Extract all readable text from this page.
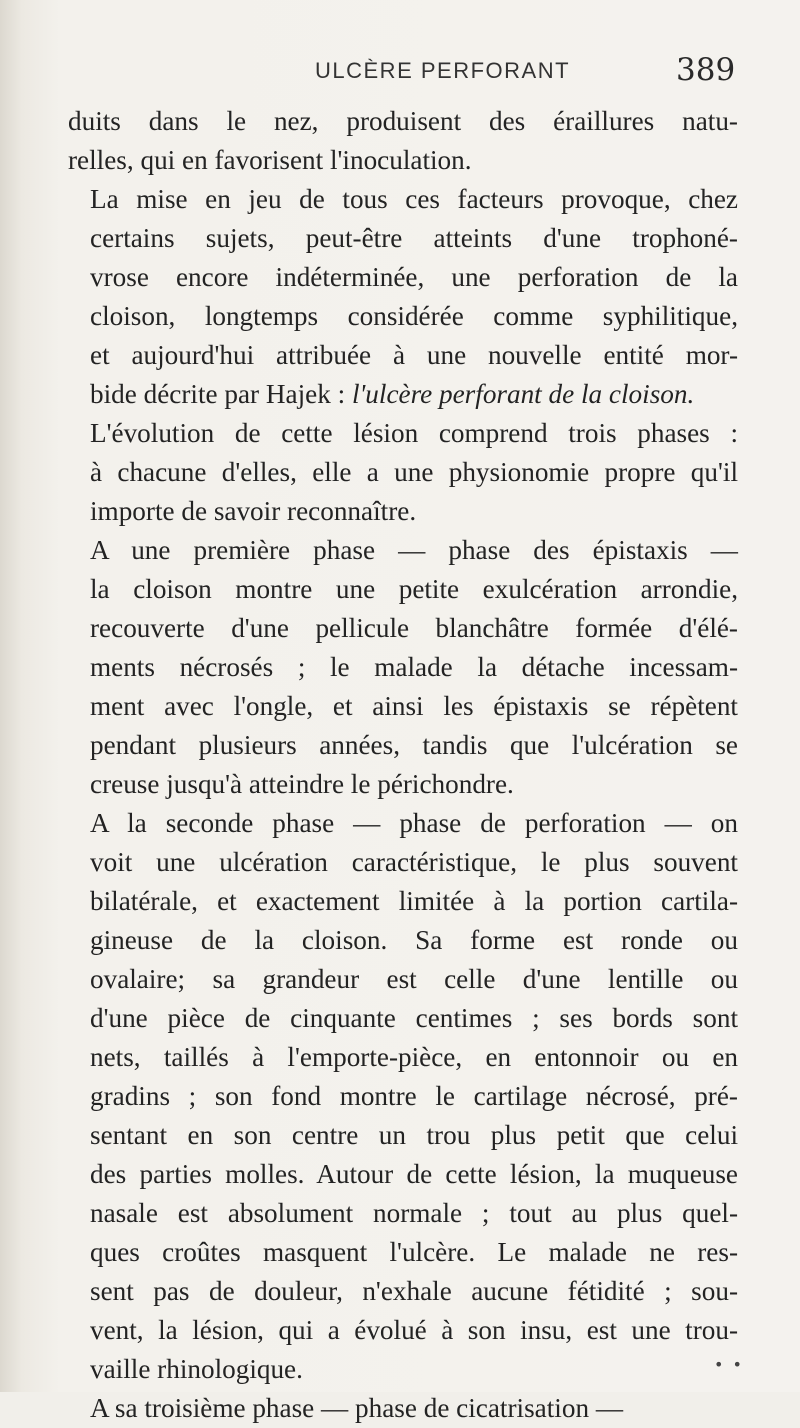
ULCÈRE PERFORANT	389

duits dans le nez, produisent des éraillures natu-
relles, qui en favorisent l'inoculation.

La mise en jeu de tous ces facteurs provoque, chez
certains sujets, peut-être atteints d'une trophoné-
vrose encore indéterminée, une perforation de la
cloison, longtemps considérée comme syphilitique,
et aujourd'hui attribuée à une nouvelle entité mor-
bide décrite par Hajek : l'ulcère perforant de la cloison.

L'évolution de cette lésion comprend trois phases :
à chacune d'elles, elle a une physionomie propre qu'il
importe de savoir reconnaître.

A une première phase — phase des épistaxis —
la cloison montre une petite exulcération arrondie,
recouverte d'une pellicule blanchâtre formée d'élé-
ments nécrosés ; le malade la détache incessam-
ment avec l'ongle, et ainsi les épistaxis se répètent
pendant plusieurs années, tandis que l'ulcération se
creuse jusqu'à atteindre le périchondre.

A la seconde phase — phase de perforation — on
voit une ulcération caractéristique, le plus souvent
bilatérale, et exactement limitée à la portion cartila-
gineuse de la cloison. Sa forme est ronde ou
ovalaire; sa grandeur est celle d'une lentille ou
d'une pièce de cinquante centimes ; ses bords sont
nets, taillés à l'emporte-pièce, en entonnoir ou en
gradins ; son fond montre le cartilage nécrosé, pré-
sentant en son centre un trou plus petit que celui
des parties molles. Autour de cette lésion, la muqueuse
nasale est absolument normale ; tout au plus quel-
ques croûtes masquent l'ulcère. Le malade ne res-
sent pas de douleur, n'exhale aucune fétidité ; sou-
vent, la lésion, qui a évolué à son insu, est une trou-
vaille rhinologique.

A sa troisième phase — phase de cicatrisation —

• •
